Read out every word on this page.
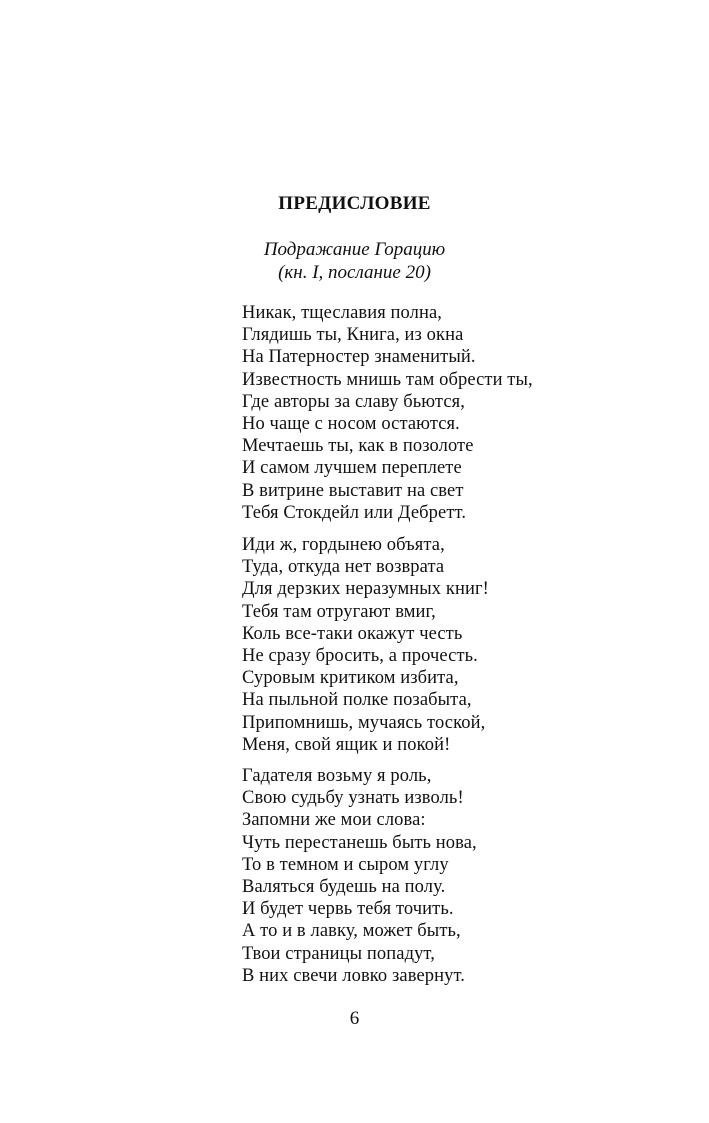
ПРЕДИСЛОВИЕ
Подражание Горацию
(кн. I, послание 20)
Никак, тщеславия полна,
Глядишь ты, Книга, из окна
На Патерностер знаменитый.
Известность мнишь там обрести ты,
Где авторы за славу бьются,
Но чаще с носом остаются.
Мечтаешь ты, как в позолоте
И самом лучшем переплете
В витрине выставит на свет
Тебя Стокдейл или Дебретт.
Иди ж, гордынею объята,
Туда, откуда нет возврата
Для дерзких неразумных книг!
Тебя там отругают вмиг,
Коль все-таки окажут честь
Не сразу бросить, а прочесть.
Суровым критиком избита,
На пыльной полке позабыта,
Припомнишь, мучаясь тоской,
Меня, свой ящик и покой!
Гадателя возьму я роль,
Свою судьбу узнать изволь!
Запомни же мои слова:
Чуть перестанешь быть нова,
То в темном и сыром углу
Валяться будешь на полу.
И будет червь тебя точить.
А то и в лавку, может быть,
Твои страницы попадут,
В них свечи ловко завернут.
6
